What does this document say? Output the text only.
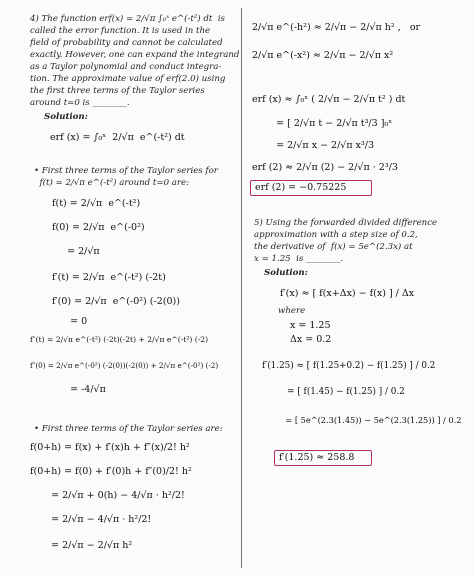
4) The function erf(x) = 2/√π ∫₀ˣ e^(-t²) dt  is
called the error function. It is used in the
field of probability and cannot be calculated
exactly. However, one can expand the integrand
as a Taylor polynomial and conduct integra-
tion. The approximate value of erf(2.0) using
the first three terms of the Taylor series
around t=0 is ________.
Solution:
erf (x) = ∫₀ˣ  2/√π  e^(-t²) dt
• First three terms of the Taylor series for
f(t) = 2/√π e^(-t²) around t=0 are:
f(t) = 2/√π  e^(-t²)
f(0) = 2/√π  e^(-0²)
= 2/√π
f′(t) = 2/√π  e^(-t²) (-2t)
f′(0) = 2/√π  e^(-0²) (-2(0))
= 0
f″(t) = 2/√π e^(-t²) (-2t)(-2t) + 2/√π e^(-t²) (-2)
f″(0) = 2/√π e^(-0²) (-2(0))(-2(0)) + 2/√π e^(-0²) (-2)
= -4/√π
• First three terms of the Taylor series are:
f(0+h) = f(x) + f′(x)h + f″(x)/2! h²
f(0+h) = f(0) + f′(0)h + f″(0)/2! h²
= 2/√π + 0(h) − 4/√π · h²/2!
= 2/√π − 4/√π · h²/2!
= 2/√π − 2/√π h²
2/√π e^(-h²) ≈ 2/√π − 2/√π h² ,   or
2/√π e^(-x²) ≈ 2/√π − 2/√π x²
erf (x) ≈ ∫₀ˣ ( 2/√π − 2/√π t² ) dt
= [ 2/√π t − 2/√π t³/3 ]₀ˣ
= 2/√π x − 2/√π x³/3
erf (2) ≈ 2/√π (2) − 2/√π · 2³/3
erf (2) = −0.75225
5) Using the forwarded divided difference
approximation with a step size of 0.2,
the derivative of  f(x) = 5e^(2.3x) at
x = 1.25  is ________.
Solution:
f′(x) ≈ [ f(x+Δx) − f(x) ] / Δx
where
x = 1.25
Δx = 0.2
f′(1.25) ≈ [ f(1.25+0.2) − f(1.25) ] / 0.2
= [ f(1.45) − f(1.25) ] / 0.2
= [ 5e^(2.3(1.45)) − 5e^(2.3(1.25)) ] / 0.2
f′(1.25) ≈ 258.8
